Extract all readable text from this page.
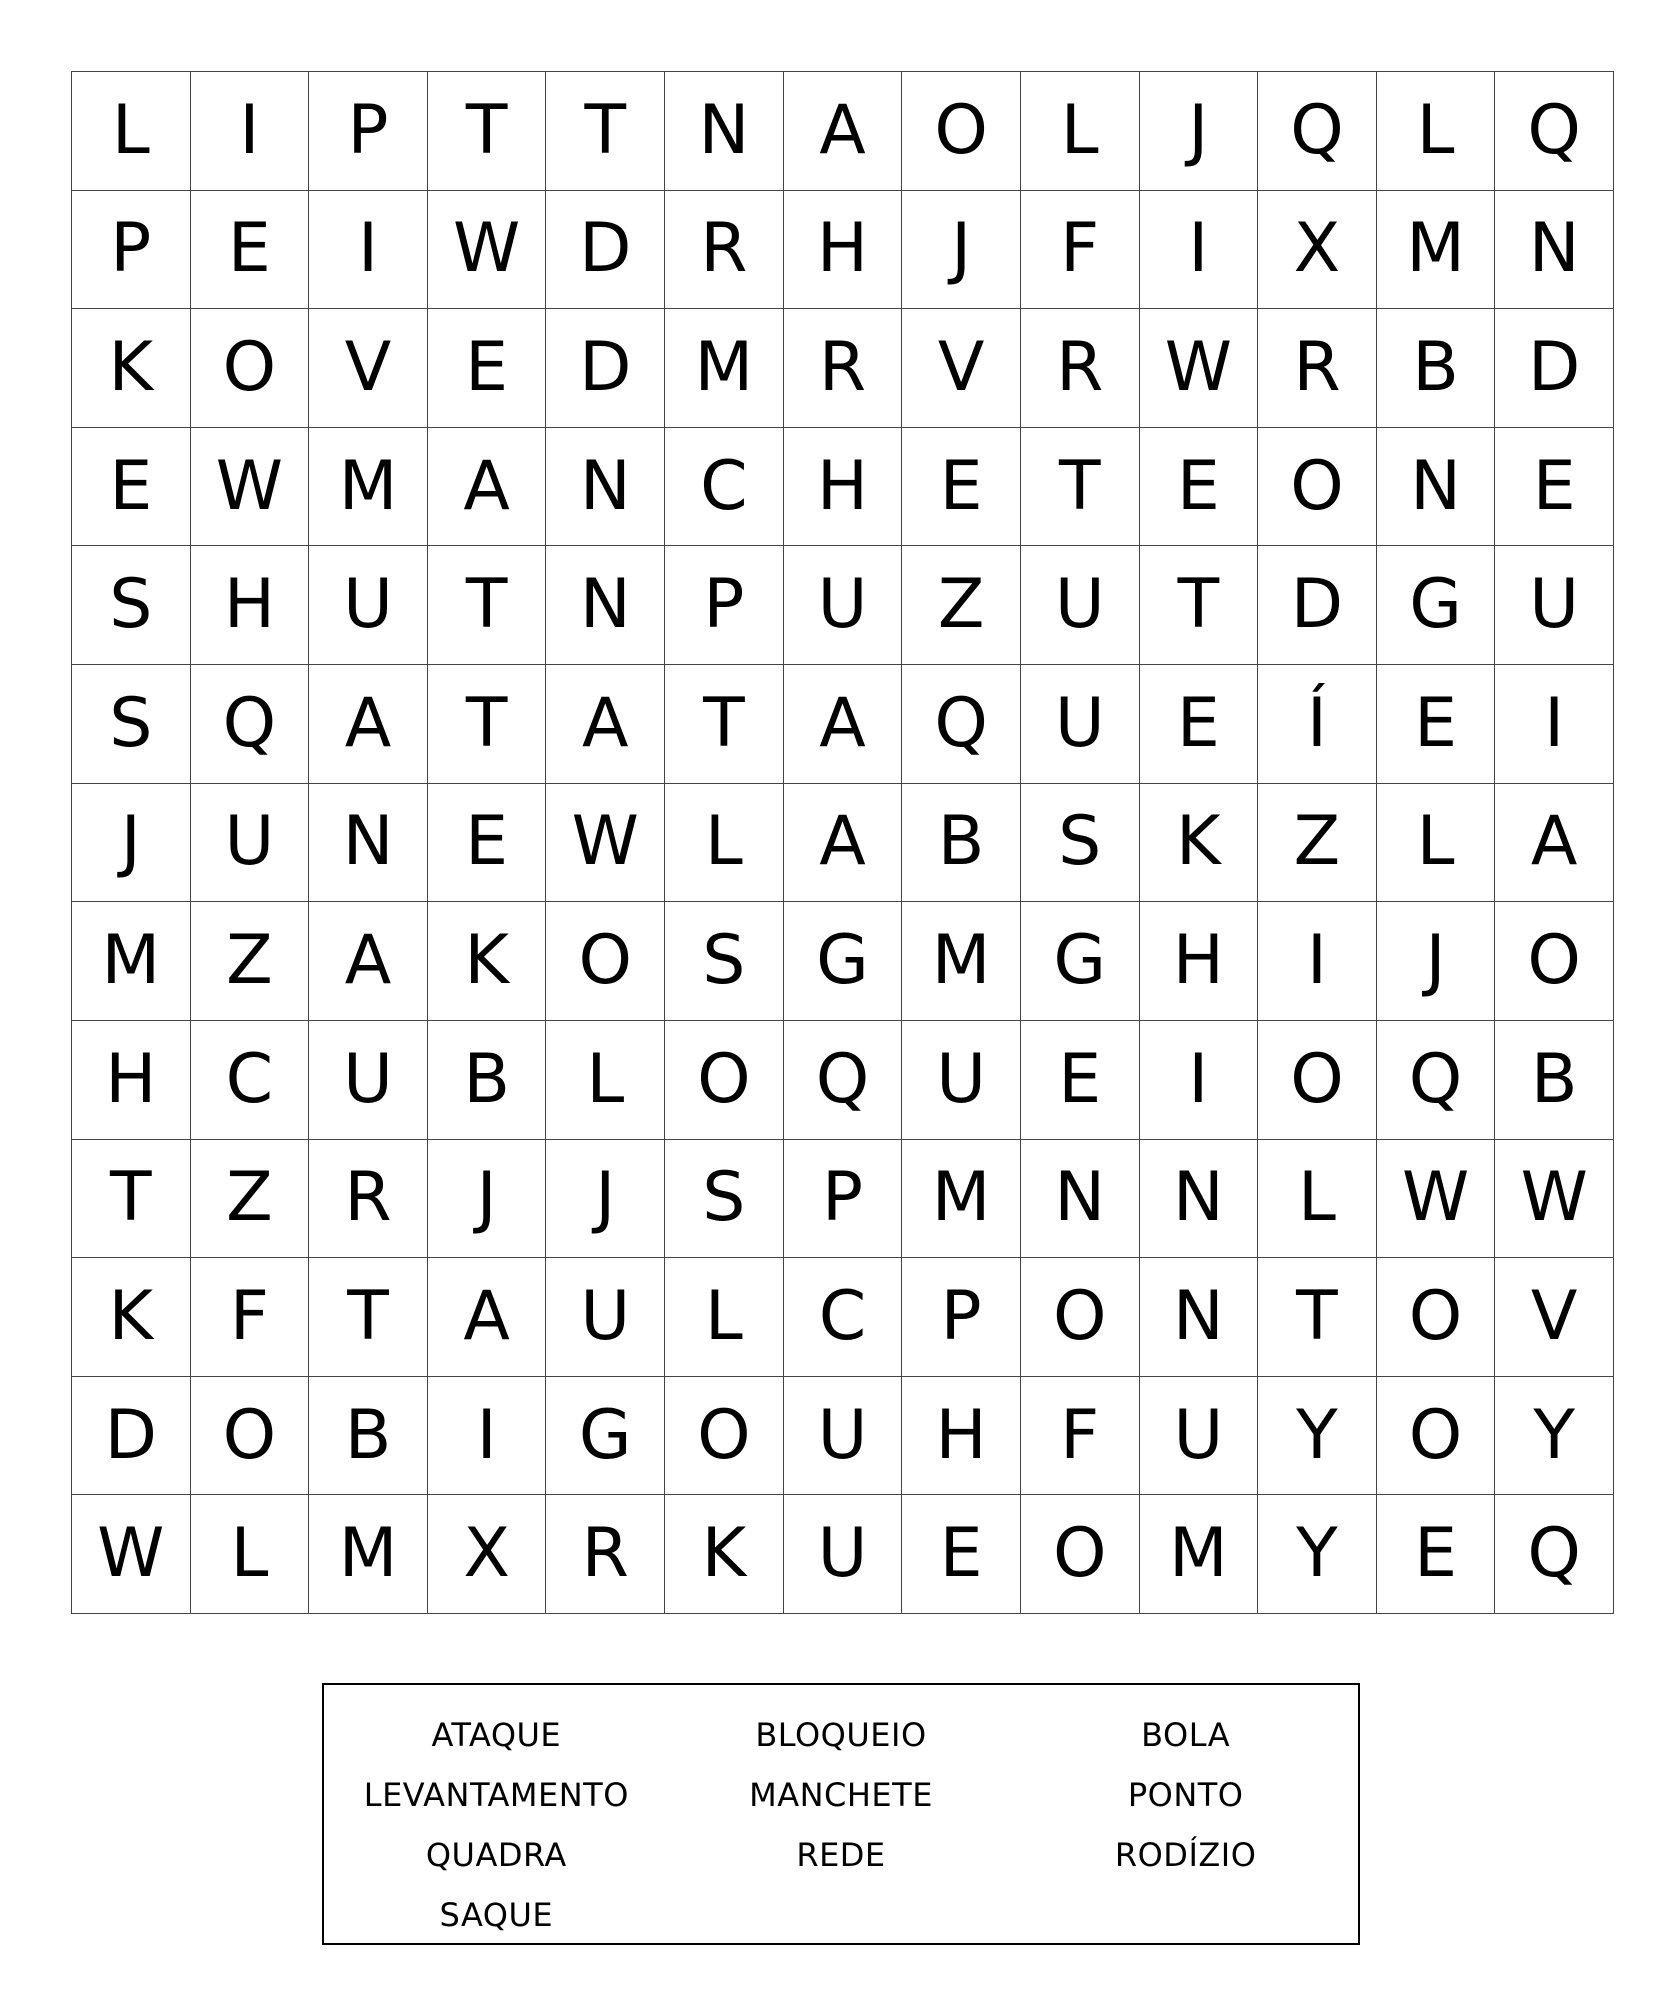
L	I	P	T	T	N	A	O	L	J	Q	L	Q
P	E	I	W D	R	H	J	F	I	X M N
K	O	V	E	D M R	V	R W R	B	D
E W M A	N	C	H	E	T	E	O N	E
S	H	U	T	N	P	U	Z	U	T	D G U
S	Q	A	T	A	T	A	Q U	E	Í	E	I
J	U	N	E W L	A	B	S	K	Z	L	A
M Z	A	K	O	S	G M G H	I	J	O
H	C	U	B	L	O Q U	E	I	O Q	B
T	Z	R	J	J	S	P	M N N	L W W
K	F	T	A	U	L	C	P	O N	T	O	V
D O	B	I	G O U	H	F	U	Y	O	Y
W L	M X	R	K	U	E	O M	Y	E	Q
ATAQUE	BLOQUEIO	BOLA
LEVANTAMENTO	MANCHETE	PONTO
QUADRA	REDE	RODÍZIO
SAQUE
